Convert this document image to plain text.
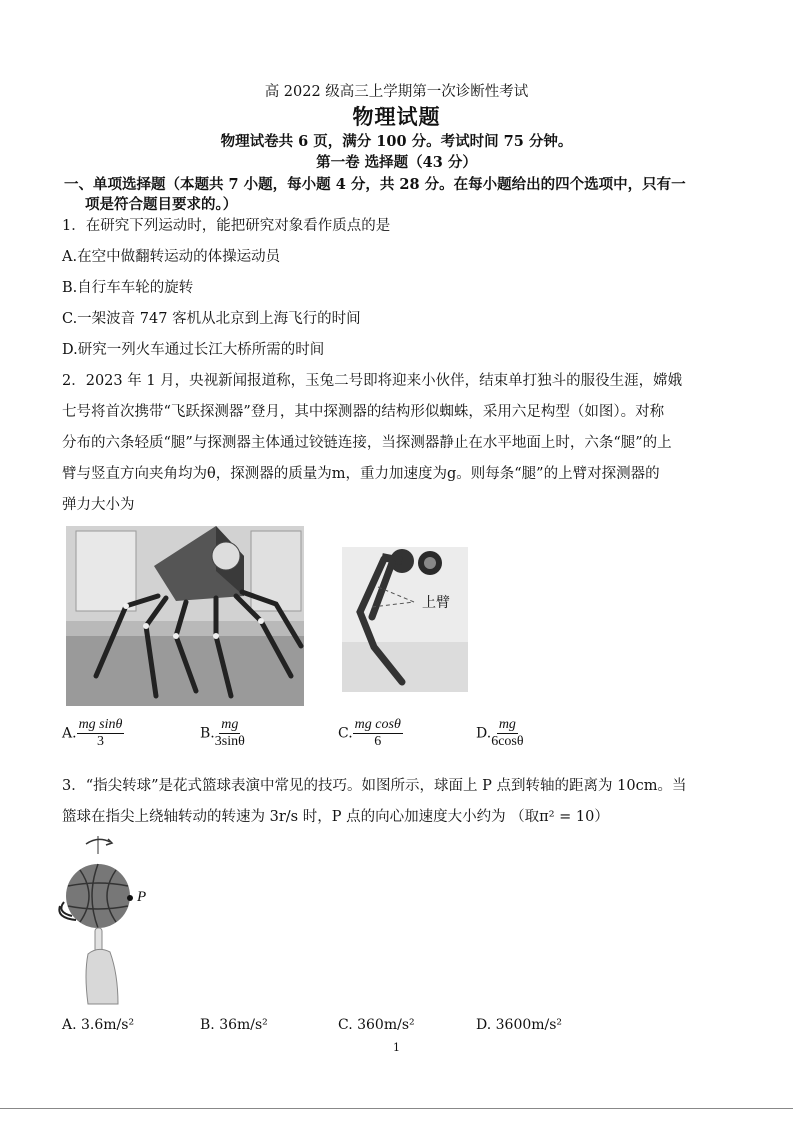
高 2022 级高三上学期第一次诊断性考试
物理试题
物理试卷共 6 页，满分 100 分。考试时间 75 分钟。
第一卷 选择题（43 分）
一、单项选择题（本题共 7 小题，每小题 4 分，共 28 分。在每小题给出的四个选项中，只有一
项是符合题目要求的。）
1．在研究下列运动时，能把研究对象看作质点的是
A.在空中做翻转运动的体操运动员
B.自行车车轮的旋转
C.一架波音 747 客机从北京到上海飞行的时间
D.研究一列火车通过长江大桥所需的时间
2．2023 年 1 月，央视新闻报道称，玉兔二号即将迎来小伙伴，结束单打独斗的服役生涯，嫦娥
七号将首次携带“飞跃探测器”登月，其中探测器的结构形似蜘蛛，采用六足构型（如图）。对称
分布的六条轻质“腿”与探测器主体通过铰链连接，当探测器静止在水平地面上时，六条“腿”的上
臂与竖直方向夹角均为θ，探测器的质量为m，重力加速度为g。则每条“腿”的上臂对探测器的
弹力大小为
上臂
A. $\frac{\text{mg sinθ}}{3}$	B. $\frac{mg}{3\sin\theta}$	C. $\frac{\text{mg cosθ}}{6}$	D. $\frac{mg}{6\cos\theta}$
3．“指尖转球”是花式篮球表演中常见的技巧。如图所示，球面上 P 点到转轴的距离为 10cm。当
篮球在指尖上绕轴转动的转速为 3r/s 时，P 点的向心加速度大小约为 （取π² = 10）
P
A. 3.6m/s²	B. 36m/s²	C. 360m/s²	D. 3600m/s²
1
